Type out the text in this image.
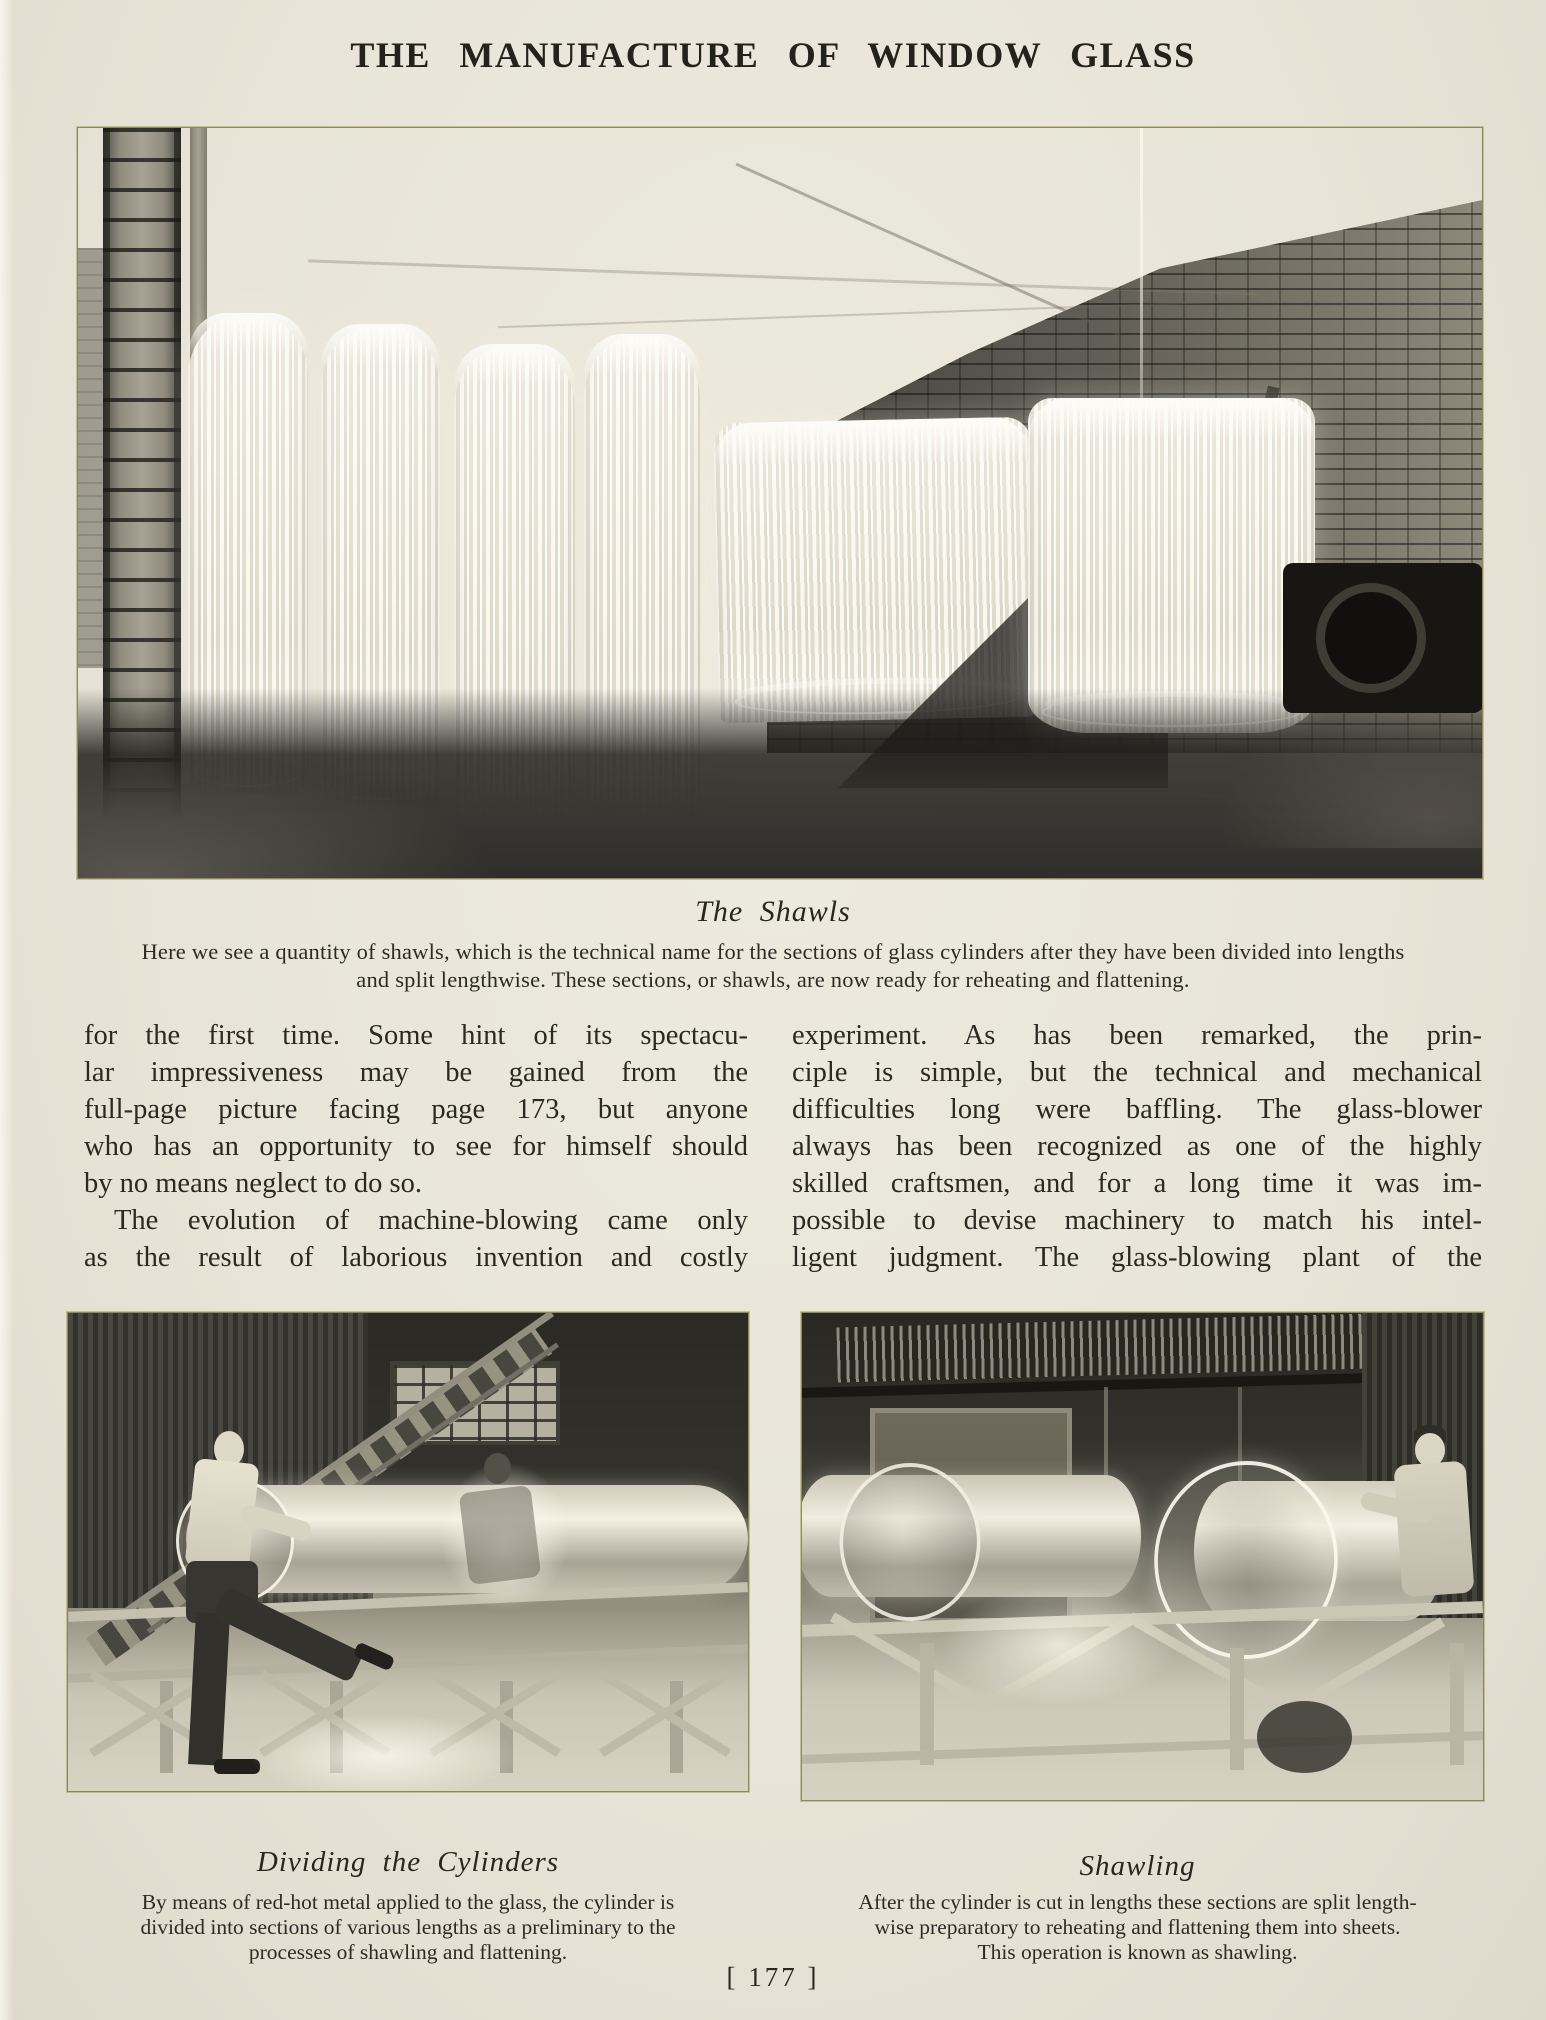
THE MANUFACTURE OF WINDOW GLASS
The Shawls
Here we see a quantity of shawls, which is the technical name for the sections of glass cylinders after they have been divided into lengths
and split lengthwise. These sections, or shawls, are now ready for reheating and flattening.
for the first time. Some hint of its spectacu-
lar impressiveness may be gained from the
full-page picture facing page 173, but anyone
who has an opportunity to see for himself should
by no means neglect to do so.
The evolution of machine-blowing came only
as the result of laborious invention and costly
experiment. As has been remarked, the prin-
ciple is simple, but the technical and mechanical
difficulties long were baffling. The glass-blower
always has been recognized as one of the highly
skilled craftsmen, and for a long time it was im-
possible to devise machinery to match his intel-
ligent judgment. The glass-blowing plant of the
Dividing the Cylinders
By means of red-hot metal applied to the glass, the cylinder is
divided into sections of various lengths as a preliminary to the
processes of shawling and flattening.
Shawling
After the cylinder is cut in lengths these sections are split length-
wise preparatory to reheating and flattening them into sheets.
This operation is known as shawling.
[ 177 ]
